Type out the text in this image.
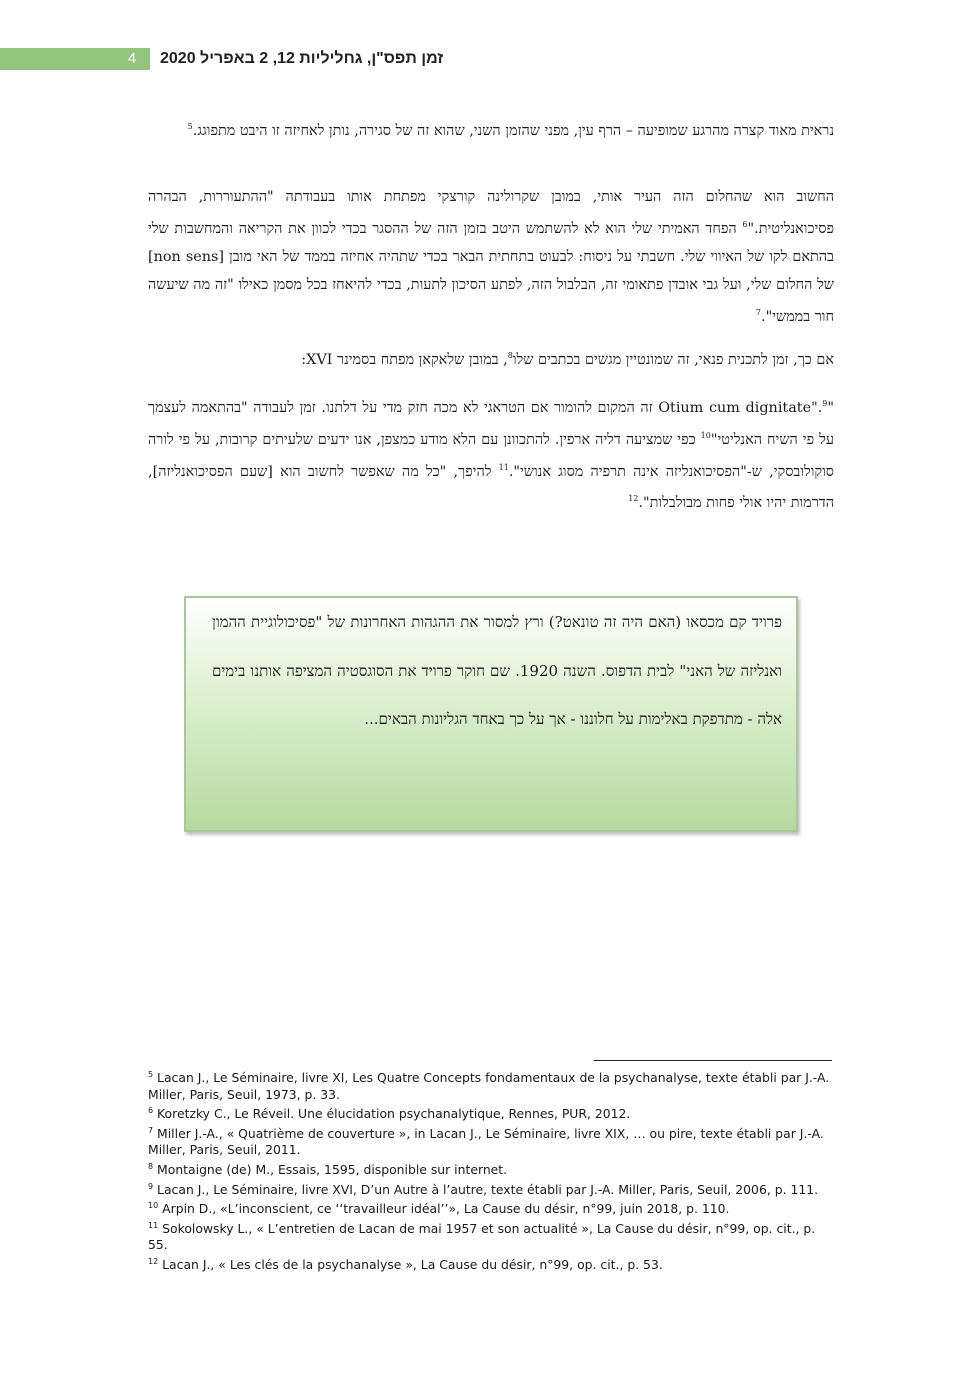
4	זמן תפס"ן, גחליליות 12, 2 באפריל 2020
נראית מאוד קצרה מהרגע שמופיעה – הרף עין, מפני שהזמן השני, שהוא זה של סגירה, נותן לאחיזה זו היבט מתפוגג.$^5$
החשוב הוא שהחלום הזה העיר אותי, במובן שקרולינה קורצקי מפתחת אותו בעבודתה "ההתעוררות, הבהרה פסיכואנליטית."$^6$ הפחד האמיתי שלי הוא לא להשתמש היטב בזמן הזה של ההסגר בכדי לכוון את הקריאה והמחשבות שלי בהתאם לקו של האיווי שלי. חשבתי על ניסוח: לבעוט בתחתית הבאר בכדי שתהיה אחיזה בממד של האי מובן [non sens] של החלום שלי, ועל גבי אובדן פתאומי זה, הבלבול הזה, לפתע הסיכון לתעות, בכדי להיאחז בכל מסמן כאילו "זה מה שיעשה חור בממשי".$^7$
אם כך, זמן לתכנית פנאי, זה שמונטיין מגשים בכתבים שלו$^8$, במובן שלאקאן מפתח בסמינר XVI:
"Otium cum dignitate".$^9$ זה המקום להומור אם הטראגי לא מכה חזק מדי על דלתנו. זמן לעבודה "בהתאמה לעצמך על פי השיח האנליטי"$^{10}$ כפי שמציעה דליה ארפין. להתכוונן עם הלא מודע כמצפן, אנו ידעים שלעיתים קרובות, על פי לורה סוקולובסקי, ש-"הפסיכואנליזה אינה תרפיה מסוג אנושי".$^{11}$ להיפך, "כל מה שאפשר לחשוב הוא [שעם הפסיכואנליזה], הדרמות יהיו אולי פחות מבולבלות".$^{12}$
פרויד קם מכסאו (האם היה זה טונאט?) ורץ למסור את ההגהות האחרונות של "פסיכולוגיית ההמון ואנליזה של האני" לבית הדפוס. השנה 1920. שם חוקר פרויד את הסוגסטיה המציפה אותנו בימים אלה - מתדפקת באלימות על חלוננו - אך על כך באחד הגליונות הבאים...

$^5$ Lacan J., Le Séminaire, livre XI, Les Quatre Concepts fondamentaux de la psychanalyse, texte établi par J.-A. Miller, Paris, Seuil, 1973, p. 33.

$^6$ Koretzky C., Le Réveil. Une élucidation psychanalytique, Rennes, PUR, 2012.

$^7$ Miller J.-A., « Quatrième de couverture », in Lacan J., Le Séminaire, livre XIX, … ou pire, texte établi par J.-A. Miller, Paris, Seuil, 2011.

$^8$ Montaigne (de) M., Essais, 1595, disponible sur internet.

$^9$ Lacan J., Le Séminaire, livre XVI, D’un Autre à l’autre, texte établi par J.-A. Miller, Paris, Seuil, 2006, p. 111.

$^{10}$ Arpin D., «L’inconscient, ce ‘‘travailleur idéal’’», La Cause du désir, n°99, juin 2018, p. 110.

$^{11}$ Sokolowsky L., « L’entretien de Lacan de mai 1957 et son actualité », La Cause du désir, n°99, op. cit., p. 55.

$^{12}$ Lacan J., « Les clés de la psychanalyse », La Cause du désir, n°99, op. cit., p. 53.
